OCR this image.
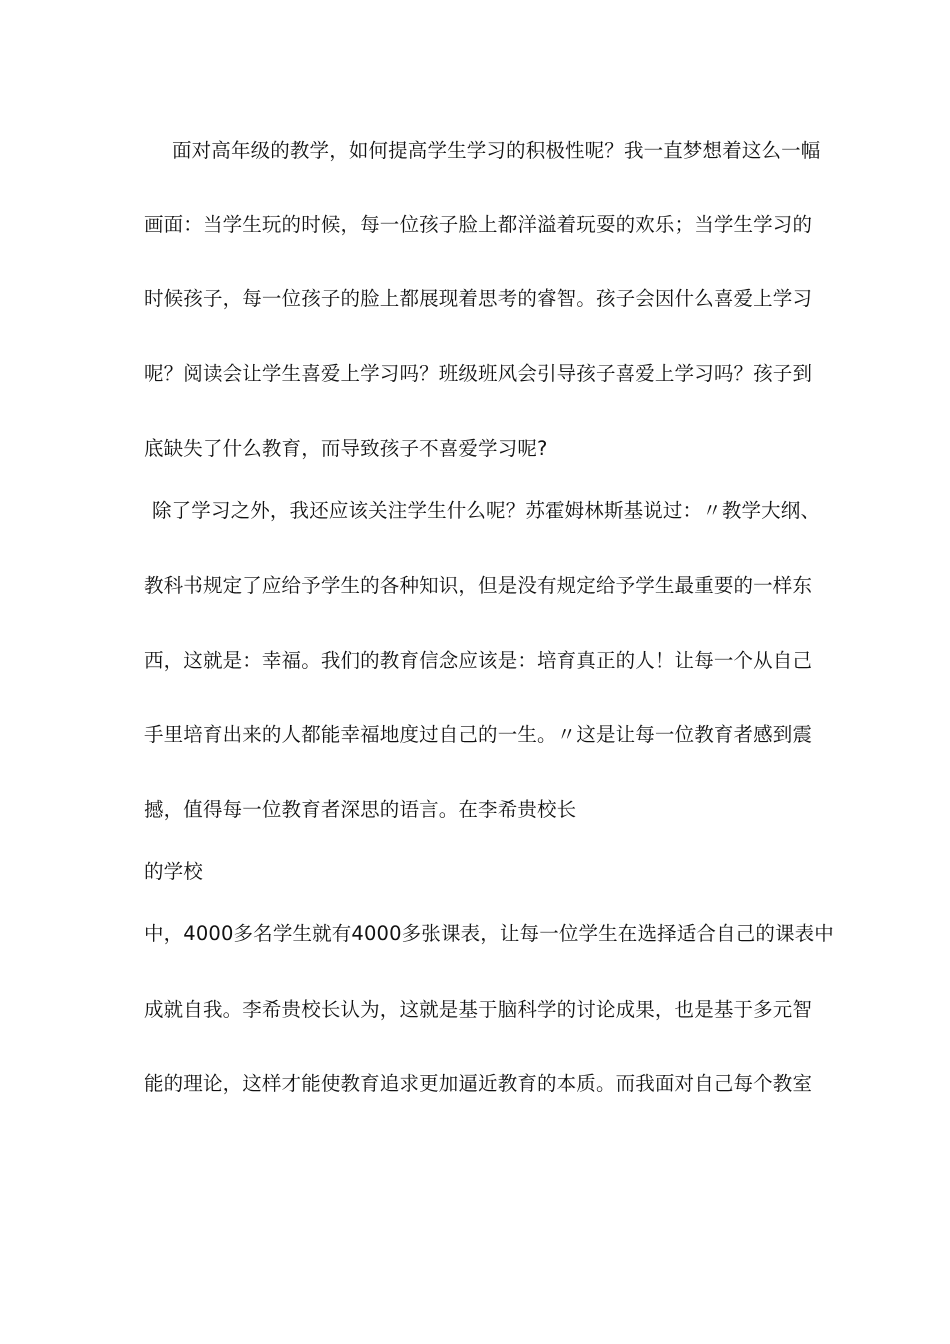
面对高年级的教学，如何提高学生学习的积极性呢？我一直梦想着这么一幅

画面：当学生玩的时候，每一位孩子脸上都洋溢着玩耍的欢乐；当学生学习的

时候孩子，每一位孩子的脸上都展现着思考的睿智。孩子会因什么喜爱上学习

呢？阅读会让学生喜爱上学习吗？班级班风会引导孩子喜爱上学习吗？孩子到

底缺失了什么教育，而导致孩子不喜爱学习呢?

除了学习之外，我还应该关注学生什么呢？苏霍姆林斯基说过：〃教学大纲、

教科书规定了应给予学生的各种知识，但是没有规定给予学生最重要的一样东

西，这就是：幸福。我们的教育信念应该是：培育真正的人！让每一个从自己

手里培育出来的人都能幸福地度过自己的一生。〃这是让每一位教育者感到震

撼，值得每一位教育者深思的语言。在李希贵校长

的学校

中，4000多名学生就有4000多张课表，让每一位学生在选择适合自己的课表中

成就自我。李希贵校长认为，这就是基于脑科学的讨论成果，也是基于多元智

能的理论，这样才能使教育追求更加逼近教育的本质。而我面对自己每个教室
